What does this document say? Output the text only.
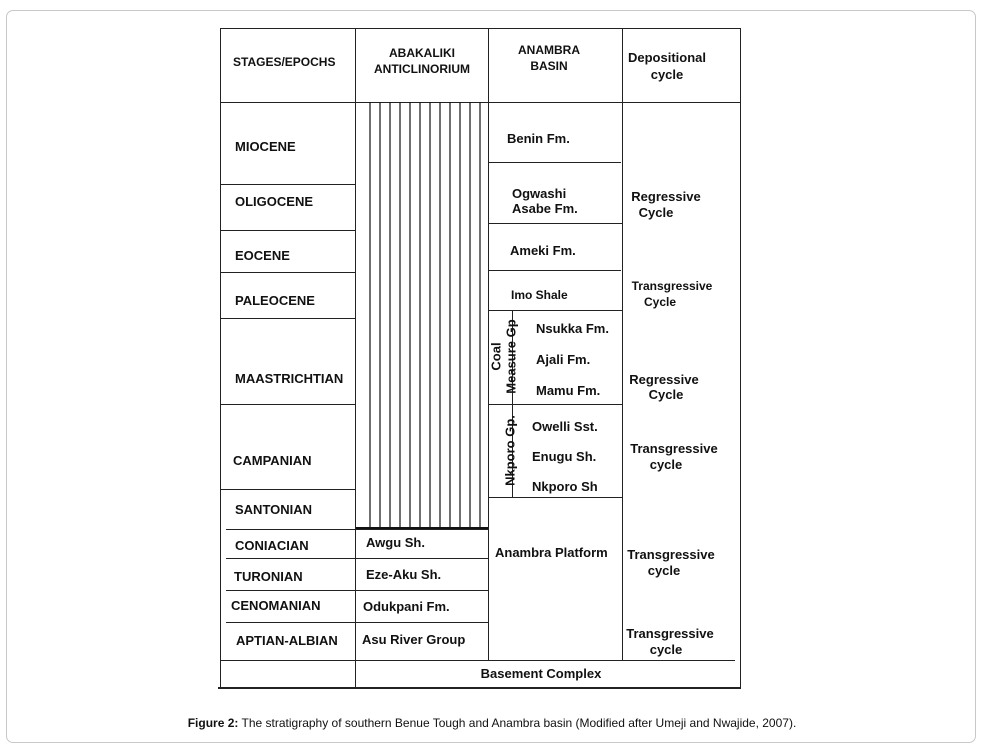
STAGES/EPOCHS
ABAKALIKI
ANTICLINORIUM
ANAMBRA
BASIN
Depositional
cycle
MIOCENE
OLIGOCENE
EOCENE
PALEOCENE
MAASTRICHTIAN
CAMPANIAN
SANTONIAN
CONIACIAN
TURONIAN
CENOMANIAN
APTIAN-ALBIAN
Awgu Sh.
Eze-Aku Sh.
Odukpani Fm.
Asu River Group
Benin Fm.
Ogwashi
Asabe Fm.
Ameki Fm.
Imo Shale
Coal Measure Gp Nsukka Fm.
Ajali Fm.
Mamu Fm.
Nkporo Gp. Owelli Sst.
Enugu Sh.
Nkporo Sh
Anambra Platform
Regressive
Cycle
Transgressive
Cycle
Regressive
Cycle
Transgressive
cycle
Transgressive
cycle
Transgressive
cycle
Basement Complex
Figure 2: The stratigraphy of southern Benue Tough and Anambra basin (Modified after Umeji and Nwajide, 2007).
